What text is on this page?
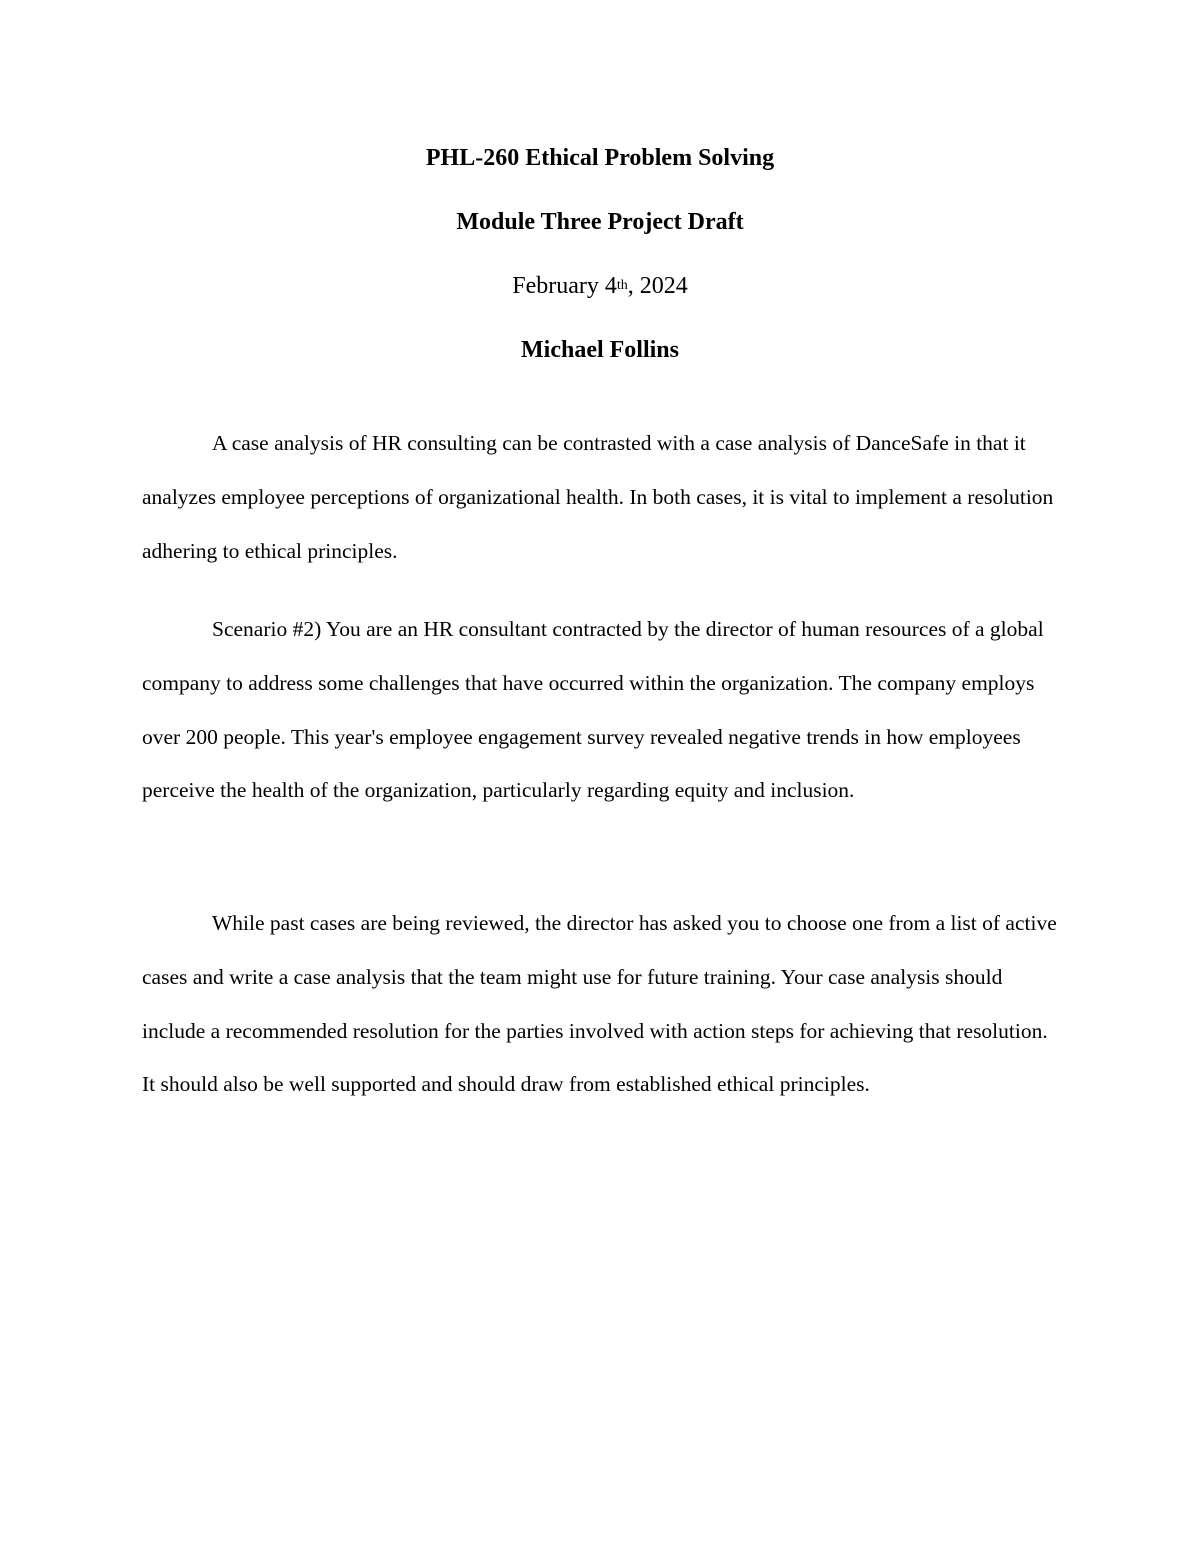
PHL-260 Ethical Problem Solving
Module Three Project Draft
February 4th, 2024
Michael Follins

A case analysis of HR consulting can be contrasted with a case analysis of DanceSafe in that it analyzes employee perceptions of organizational health. In both cases, it is vital to implement a resolution adhering to ethical principles.

Scenario #2) You are an HR consultant contracted by the director of human resources of a global company to address some challenges that have occurred within the organization. The company employs over 200 people. This year's employee engagement survey revealed negative trends in how employees perceive the health of the organization, particularly regarding equity and inclusion.

While past cases are being reviewed, the director has asked you to choose one from a list of active cases and write a case analysis that the team might use for future training. Your case analysis should include a recommended resolution for the parties involved with action steps for achieving that resolution. It should also be well supported and should draw from established ethical principles.
